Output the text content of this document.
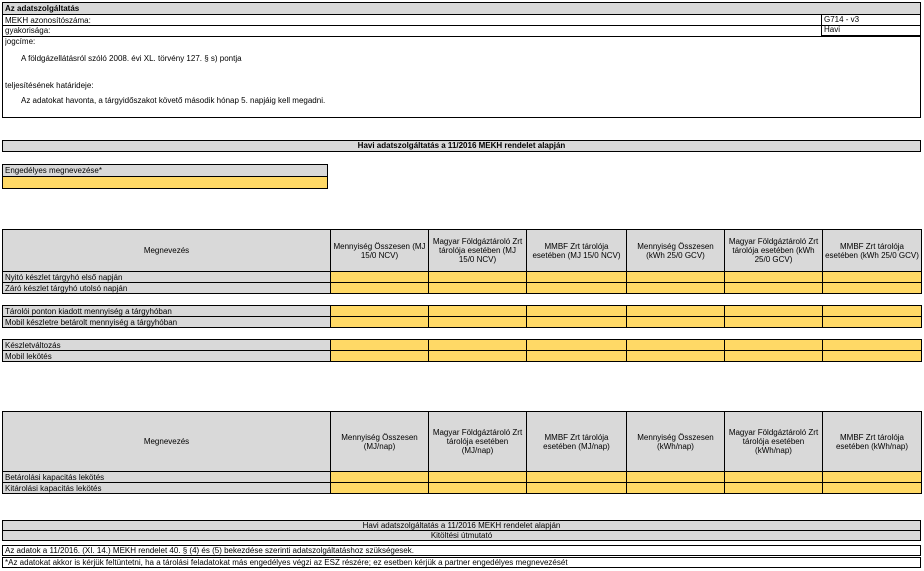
Az adatszolgáltatás
MEKH azonosítószáma:	G714 - v3
gyakorisága:	Havi
jogcíme:
A földgázellátásról szóló 2008. évi XL. törvény 127. § s) pontja
teljesítésének határideje:
Az adatokat havonta, a tárgyidőszakot követő második hónap 5. napjáig kell megadni.
Havi adatszolgáltatás a 11/2016 MEKH rendelet alapján
Engedélyes megnevezése*
Megnevezés	Mennyiség Összesen (MJ 15/0 NCV)	Magyar Földgáztároló Zrt tárolója esetében (MJ 15/0 NCV)	MMBF Zrt tárolója esetében (MJ 15/0 NCV)	Mennyiség Összesen (kWh 25/0 GCV)	Magyar Földgáztároló Zrt tárolója esetében (kWh 25/0 GCV)	MMBF Zrt tárolója esetében (kWh 25/0 GCV)
Nyitó készlet tárgyhó első napján						
Záró készlet tárgyhó utolsó napján						

Tárolói ponton kiadott mennyiség a tárgyhóban						
Mobil készletre betárolt mennyiség a tárgyhóban						

Készletváltozás						
Mobil lekötés						
Megnevezés	Mennyiség Összesen (MJ/nap)	Magyar Földgáztároló Zrt tárolója esetében (MJ/nap)	MMBF Zrt tárolója esetében (MJ/nap)	Mennyiség Összesen (kWh/nap)	Magyar Földgáztároló Zrt tárolója esetében (kWh/nap)	MMBF Zrt tárolója esetében (kWh/nap)
Betárolási kapacitás lekötés						
Kitárolási kapacitás lekötés						
Havi adatszolgáltatás a 11/2016 MEKH rendelet alapján
Kitöltési útmutató
Az adatok a 11/2016. (XI. 14.) MEKH rendelet 40. § (4) és (5) bekezdése szerinti adatszolgáltatáshoz szükségesek.
*Az adatokat akkor is kérjük feltüntetni, ha a tárolási feladatokat más engedélyes végzi az ESZ részére; ez esetben kérjük a partner engedélyes megnevezését
